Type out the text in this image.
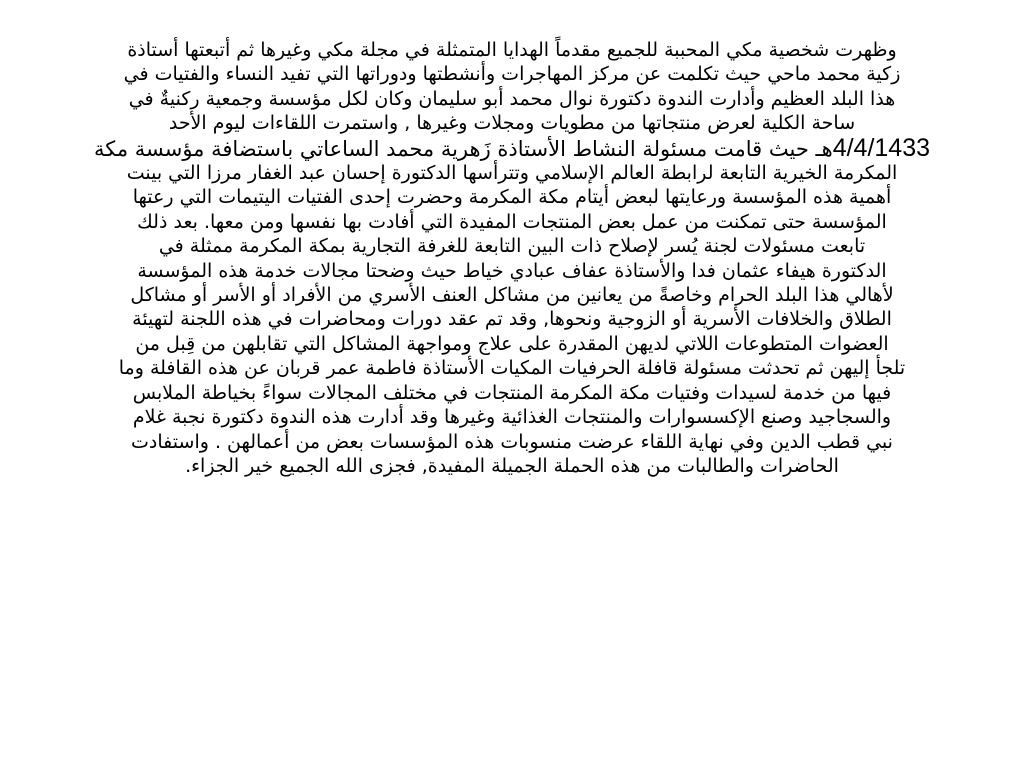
وظهرت شخصية مكي المحببة للجميع مقدماً الهدايا المتمثلة في مجلة مكي وغيرها ثم أتبعتها أستاذة
زكية محمد ماحي حيث تكلمت عن مركز المهاجرات وأنشطتها ودوراتها التي تفيد النساء والفتيات في
هذا البلد العظيم وأدارت الندوة دكتورة نوال محمد أبو سليمان وكان لكل مؤسسة وجمعية ركنيةٌ في
ساحة الكلية لعرض منتجاتها من مطويات ومجلات وغيرها , واستمرت اللقاءات ليوم الأحد
4/4/1433هـ حيث قامت مسئولة النشاط الأستاذة زَهرية محمد الساعاتي باستضافة مؤسسة مكة
المكرمة الخيرية التابعة لرابطة العالم الإسلامي وتترأسها الدكتورة إحسان عبد الغفار مرزا التي بينت
أهمية هذه المؤسسة ورعايتها لبعض أيتام مكة المكرمة وحضرت إحدى الفتيات اليتيمات التي رعتها
المؤسسة حتى تمكنت من عمل بعض المنتجات المفيدة التي أفادت بها نفسها ومن معها. بعد ذلك
تابعت مسئولات لجنة يُسر لإصلاح ذات البين التابعة للغرفة التجارية بمكة المكرمة ممثلة في
الدكتورة هيفاء عثمان فدا والأستاذة عفاف عبادي خياط حيث وضحتا مجالات خدمة هذه المؤسسة
لأهالي هذا البلد الحرام وخاصةً من يعانين من مشاكل العنف الأسري من الأفراد أو الأسر أو مشاكل
الطلاق والخلافات الأسرية أو الزوجية ونحوها, وقد تم عقد دورات ومحاضرات في هذه اللجنة لتهيئة
العضوات المتطوعات اللاتي لديهن المقدرة على علاج ومواجهة المشاكل التي تقابلهن من قِبل من
تلجأ إليهن ثم تحدثت مسئولة قافلة الحرفيات المكيات الأستاذة فاطمة عمر قربان عن هذه القافلة وما
فيها من خدمة لسيدات وفتيات مكة المكرمة المنتجات في مختلف المجالات سواءً بخياطة الملابس
والسجاجيد وصنع الإكسسوارات والمنتجات الغذائية وغيرها وقد أدارت هذه الندوة دكتورة نجبة غلام
نبي قطب الدين وفي نهاية اللقاء عرضت منسوبات هذه المؤسسات بعض من أعمالهن . واستفادت
الحاضرات والطالبات من هذه الحملة الجميلة المفيدة, فجزى الله الجميع خير الجزاء.
